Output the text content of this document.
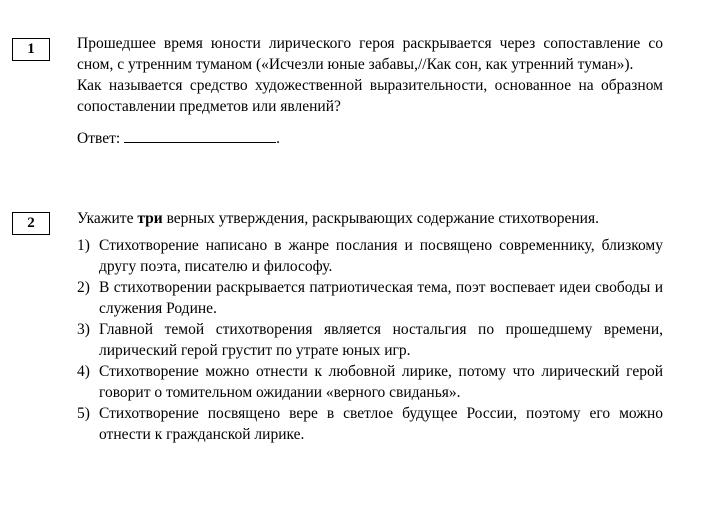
1	Прошедшее время юности лирического героя раскрывается через сопоставление со сном, с утренним туманом («Исчезли юные забавы,//Как сон, как утренний туман»).

Как называется средство художественной выразительности, основанное на образном сопоставлении предметов или явлений?

Ответ:	.

2	Укажите три верных утверждения, раскрывающих содержание стихотворения.

1) Стихотворение написано в жанре послания и посвящено современнику, близкому другу поэта, писателю и философу.
2) В стихотворении раскрывается патриотическая тема, поэт воспевает идеи свободы и служения Родине.
3) Главной темой стихотворения является ностальгия по прошедшему времени, лирический герой грустит по утрате юных игр.
4) Стихотворение можно отнести к любовной лирике, потому что лирический герой говорит о томительном ожидании «верного свиданья».
5) Стихотворение посвящено вере в светлое будущее России, поэтому его можно отнести к гражданской лирике.
